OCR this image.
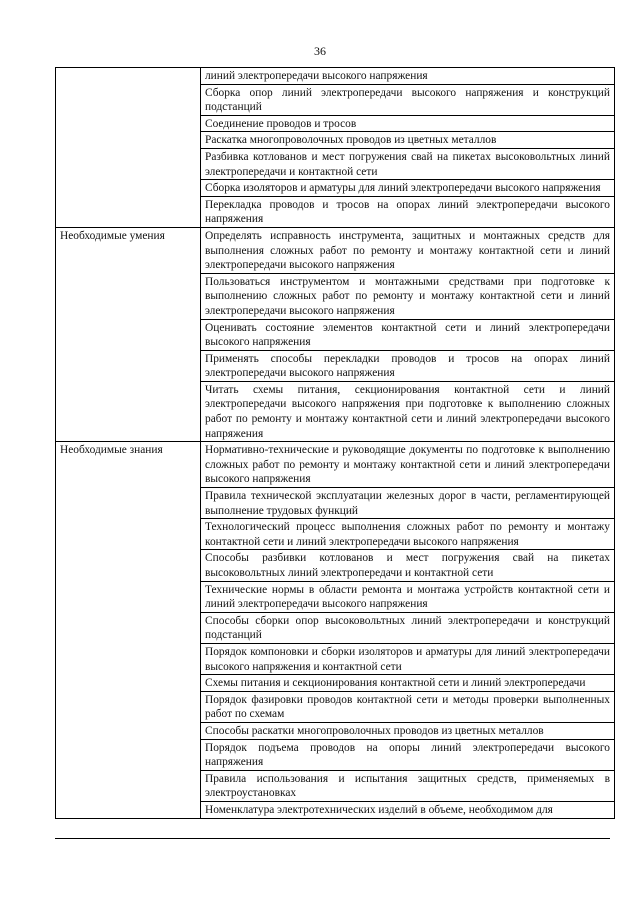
36
	линий электропередачи высокого напряжения
	Сборка опор линий электропередачи высокого напряжения и конструкций подстанций
	Соединение проводов и тросов
	Раскатка многопроволочных проводов из цветных металлов
	Разбивка котлованов и мест погружения свай на пикетах высоковольтных линий электропередачи и контактной сети
	Сборка изоляторов и арматуры для линий электропередачи высокого напряжения
	Перекладка проводов и тросов на опорах линий электропередачи высокого напряжения
Необходимые умения	Определять исправность инструмента, защитных и монтажных средств для выполнения сложных работ по ремонту и монтажу контактной сети и линий электропередачи высокого напряжения
	Пользоваться инструментом и монтажными средствами при подготовке к выполнению сложных работ по ремонту и монтажу контактной сети и линий электропередачи высокого напряжения
	Оценивать состояние элементов контактной сети и линий электропередачи высокого напряжения
	Применять способы перекладки проводов и тросов на опорах линий электропередачи высокого напряжения
	Читать схемы питания, секционирования контактной сети и линий электропередачи высокого напряжения при подготовке к выполнению сложных работ по ремонту и монтажу контактной сети и линий электропередачи высокого напряжения
Необходимые знания	Нормативно-технические и руководящие документы по подготовке к выполнению сложных работ по ремонту и монтажу контактной сети и линий электропередачи высокого напряжения
	Правила технической эксплуатации железных дорог в части, регламентирующей выполнение трудовых функций
	Технологический процесс выполнения сложных работ по ремонту и монтажу контактной сети и линий электропередачи высокого напряжения
	Способы разбивки котлованов и мест погружения свай на пикетах высоковольтных линий электропередачи и контактной сети
	Технические нормы в области ремонта и монтажа устройств контактной сети и линий электропередачи высокого напряжения
	Способы сборки опор высоковольтных линий электропередачи и конструкций подстанций
	Порядок компоновки и сборки изоляторов и арматуры для линий электропередачи высокого напряжения и контактной сети
	Схемы питания и секционирования контактной сети и линий электропередачи
	Порядок фазировки проводов контактной сети и методы проверки выполненных работ по схемам
	Способы раскатки многопроволочных проводов из цветных металлов
	Порядок подъема проводов на опоры линий электропередачи высокого напряжения
	Правила использования и испытания защитных средств, применяемых в электроустановках
	Номенклатура электротехнических изделий в объеме, необходимом для
